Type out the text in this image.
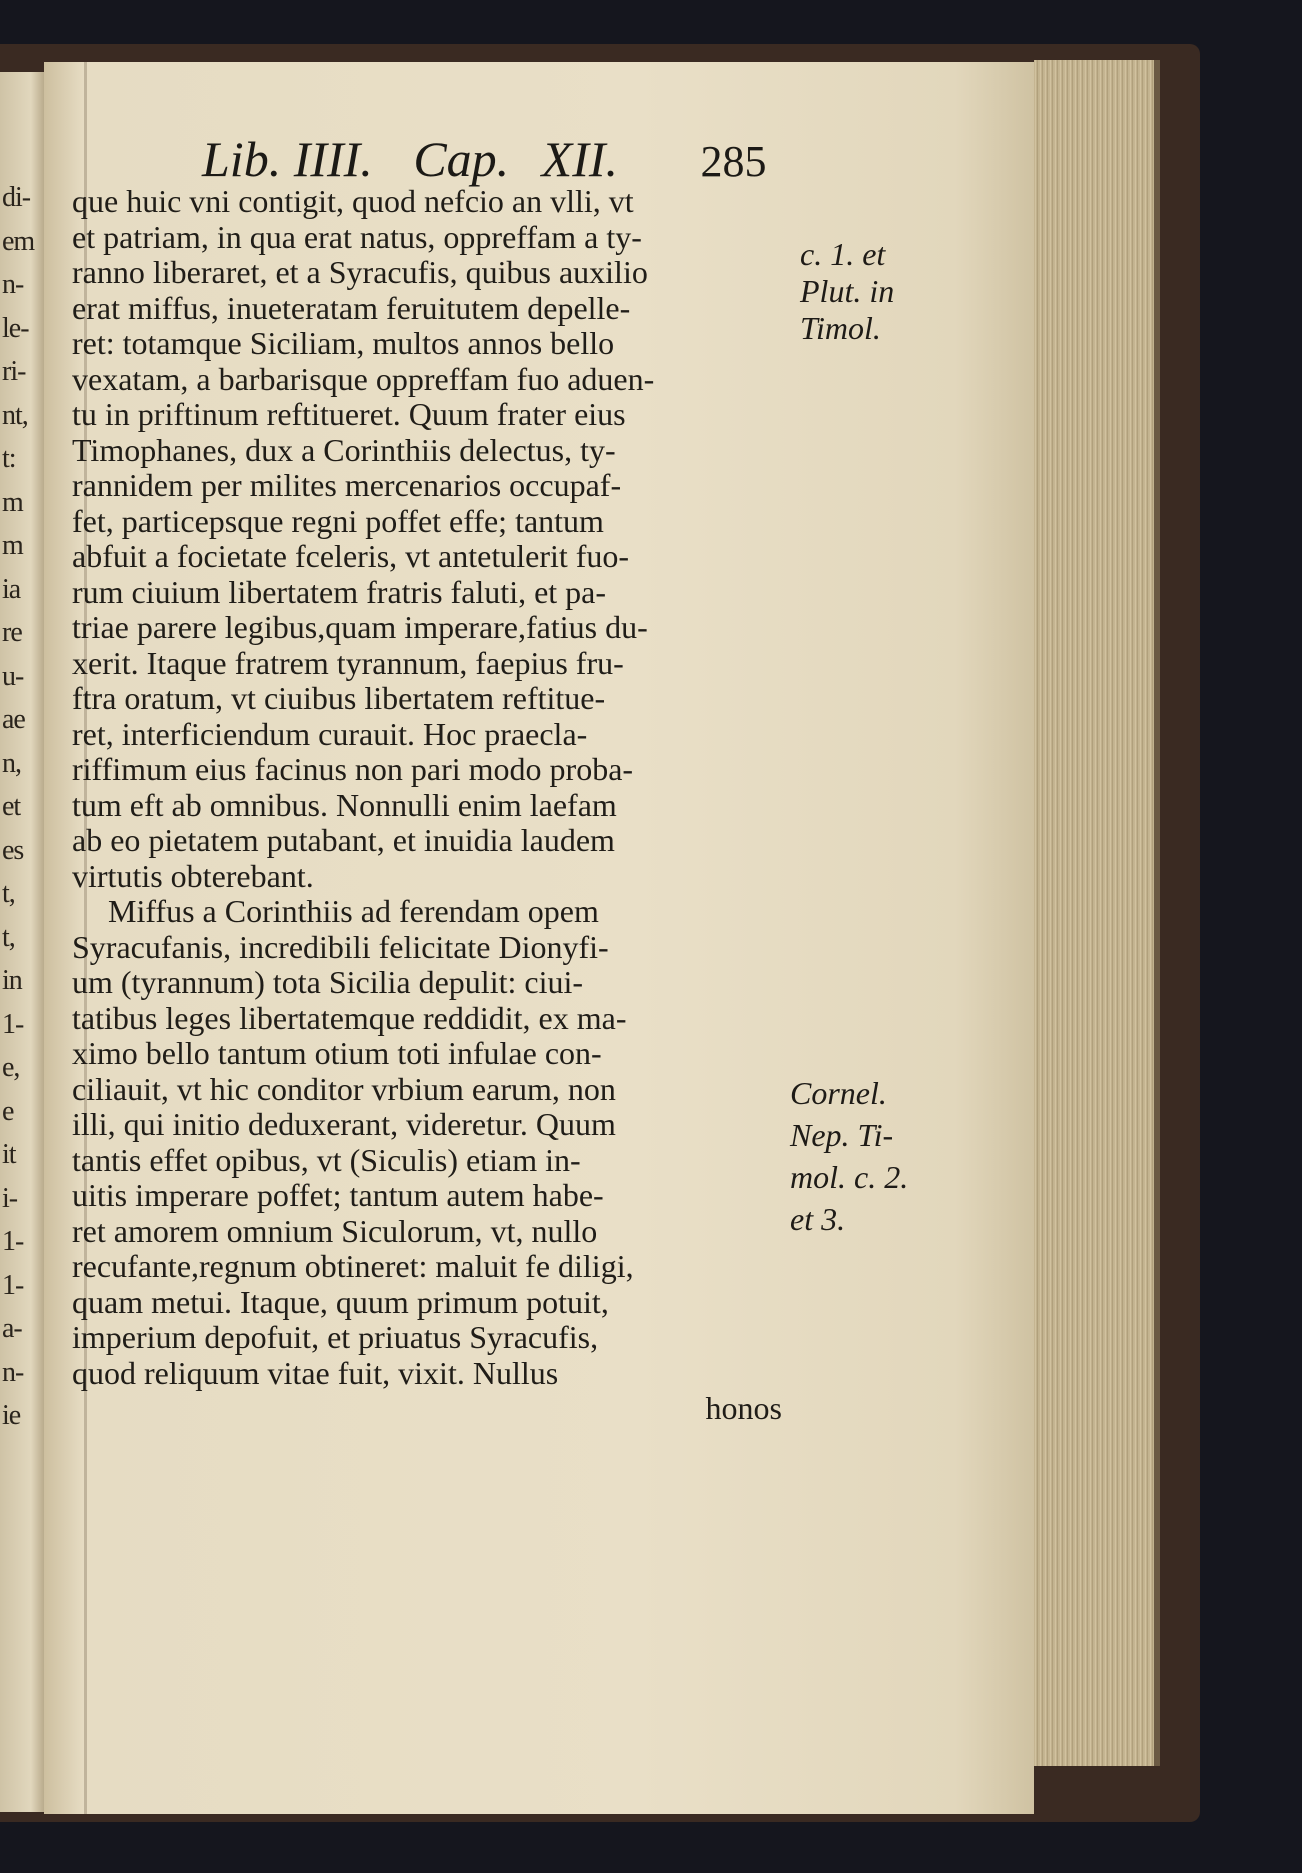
di-
em
n-
le-
ri-
nt,
t:
m
m
ia
re
u-
ae
n,
et
es
t,
t,
in
1-
e,
e
it
i-
1-
1-
a-
n-
ie
Lib. IIII. Cap. XII. 285
que huic vni contigit, quod nefcio an vlli, vt
et patriam, in qua erat natus, oppreffam a ty-
ranno liberaret, et a Syracufis, quibus auxilio
erat miffus, inueteratam feruitutem depelle-
ret: totamque Siciliam, multos annos bello
vexatam, a barbarisque oppreffam fuo aduen-
tu in priftinum reftitueret. Quum frater eius
Timophanes, dux a Corinthiis delectus, ty-
rannidem per milites mercenarios occupaf-
fet, particepsque regni poffet effe; tantum
abfuit a focietate fceleris, vt antetulerit fuo-
rum ciuium libertatem fratris faluti, et pa-
triae parere legibus,quam imperare,fatius du-
xerit. Itaque fratrem tyrannum, faepius fru-
ftra oratum, vt ciuibus libertatem reftitue-
ret, interficiendum curauit. Hoc praecla-
riffimum eius facinus non pari modo proba-
tum eft ab omnibus. Nonnulli enim laefam
ab eo pietatem putabant, et inuidia laudem
virtutis obterebant.
Miffus a Corinthiis ad ferendam opem
Syracufanis, incredibili felicitate Dionyfi-
um (tyrannum) tota Sicilia depulit: ciui-
tatibus leges libertatemque reddidit, ex ma-
ximo bello tantum otium toti infulae con-
ciliauit, vt hic conditor vrbium earum, non
illi, qui initio deduxerant, videretur. Quum
tantis effet opibus, vt (Siculis) etiam in-
uitis imperare poffet; tantum autem habe-
ret amorem omnium Siculorum, vt, nullo
recufante,regnum obtineret: maluit fe diligi,
quam metui. Itaque, quum primum potuit,
imperium depofuit, et priuatus Syracufis,
quod reliquum vitae fuit, vixit. Nullus
honos
c. 1. et
Plut. in
Timol.
Cornel.
Nep. Ti-
mol. c. 2.
et 3.
